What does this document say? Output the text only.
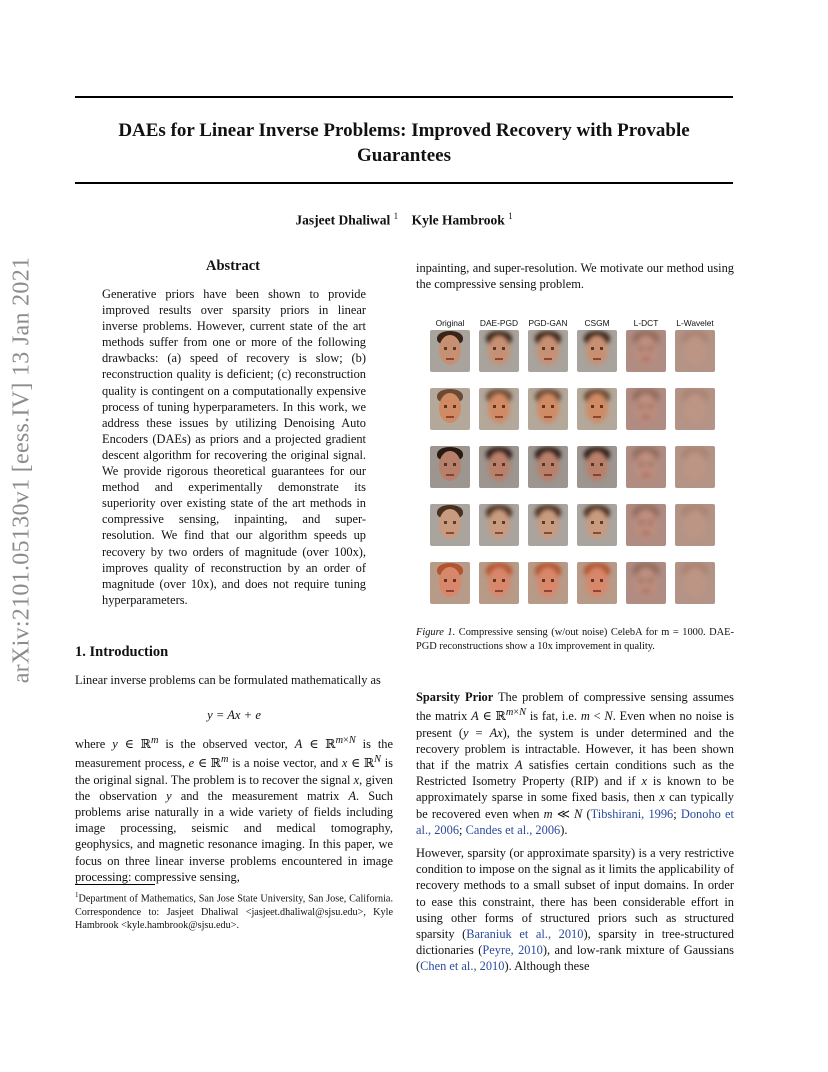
DAEs for Linear Inverse Problems: Improved Recovery with Provable Guarantees
Jasjeet Dhaliwal $^1$ Kyle Hambrook $^1$
arXiv:2101.05130v1 [eess.IV] 13 Jan 2021	Abstract
Generative priors have been shown to provide improved results over sparsity priors in linear inverse problems. However, current state of the art methods suffer from one or more of the following drawbacks: (a) speed of recovery is slow; (b) reconstruction quality is deficient; (c) reconstruction quality is contingent on a computationally expensive process of tuning hyperparameters. In this work, we address these issues by utilizing Denoising Auto Encoders (DAEs) as priors and a projected gradient descent algorithm for recovering the original signal. We provide rigorous theoretical guarantees for our method and experimentally demonstrate its superiority over existing state of the art methods in compressive sensing, inpainting, and super-resolution. We find that our algorithm speeds up recovery by two orders of magnitude (over 100x), improves quality of reconstruction by an order of magnitude (over 10x), and does not require tuning hyperparameters.
1. Introduction
Linear inverse problems can be formulated mathematically as
y = Ax + e
where y ∈ ℝ$^m$ is the observed vector, A ∈ ℝ$^{m\times N}$ is the measurement process, e ∈ ℝ$^m$ is a noise vector, and x ∈ ℝ$^N$ is the original signal. The problem is to recover the signal x, given the observation y and the measurement matrix A. Such problems arise naturally in a wide variety of fields including image processing, seismic and medical tomography, geophysics, and magnetic resonance imaging. In this paper, we focus on three linear inverse problems encountered in image processing: compressive sensing,
$^1$Department of Mathematics, San Jose State University, San Jose, California. Correspondence to: Jasjeet Dhaliwal <jasjeet.dhaliwal@sjsu.edu>, Kyle Hambrook <kyle.hambrook@sjsu.edu>.
inpainting, and super-resolution. We motivate our method using the compressive sensing problem.
Original	DAE-PGD	PGD-GAN	CSGM	L-DCT	L-Wavelet
Figure 1. Compressive sensing (w/out noise) CelebA for m = 1000. DAE-PGD reconstructions show a 10x improvement in quality.
Sparsity Prior The problem of compressive sensing assumes the matrix A ∈ ℝ$^{m\times N}$ is fat, i.e. m < N. Even when no noise is present (y = Ax), the system is under determined and the recovery problem is intractable. However, it has been shown that if the matrix A satisfies certain conditions such as the Restricted Isometry Property (RIP) and if x is known to be approximately sparse in some fixed basis, then x can typically be recovered even when m ≪ N (Tibshirani, 1996; Donoho et al., 2006; Candes et al., 2006).
However, sparsity (or approximate sparsity) is a very restrictive condition to impose on the signal as it limits the applicability of recovery methods to a small subset of input domains. In order to ease this constraint, there has been considerable effort in using other forms of structured priors such as structured sparsity (Baraniuk et al., 2010), sparsity in tree-structured dictionaries (Peyre, 2010), and low-rank mixture of Gaussians (Chen et al., 2010). Although these
